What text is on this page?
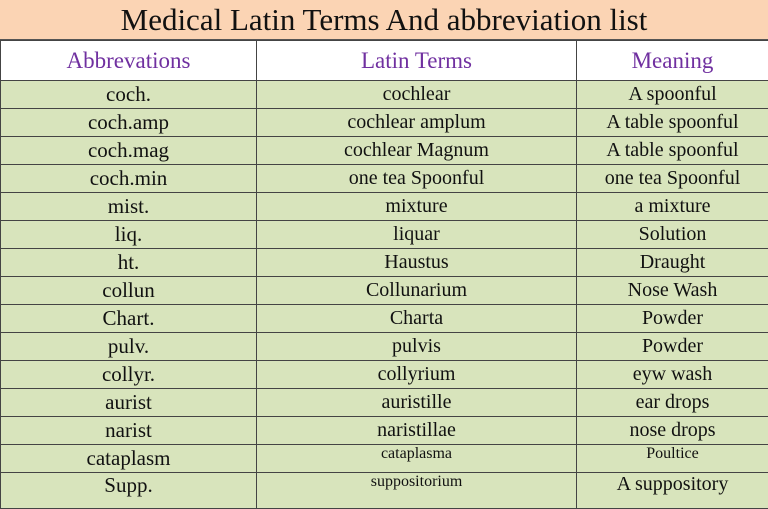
Medical Latin Terms And abbreviation list
Abbrevations	Latin Terms	Meaning
coch.	cochlear	A spoonful
coch.amp	cochlear amplum	A table spoonful
coch.mag	cochlear Magnum	A table spoonful
coch.min	one tea Spoonful	one tea Spoonful
mist.	mixture	a mixture
liq.	liquar	Solution
ht.	Haustus	Draught
collun	Collunarium	Nose Wash
Chart.	Charta	Powder
pulv.	pulvis	Powder
collyr.	collyrium	eyw wash
aurist	auristille	ear drops
narist	naristillae	nose drops
cataplasm	cataplasma	Poultice
Supp.	suppositorium	A suppository
